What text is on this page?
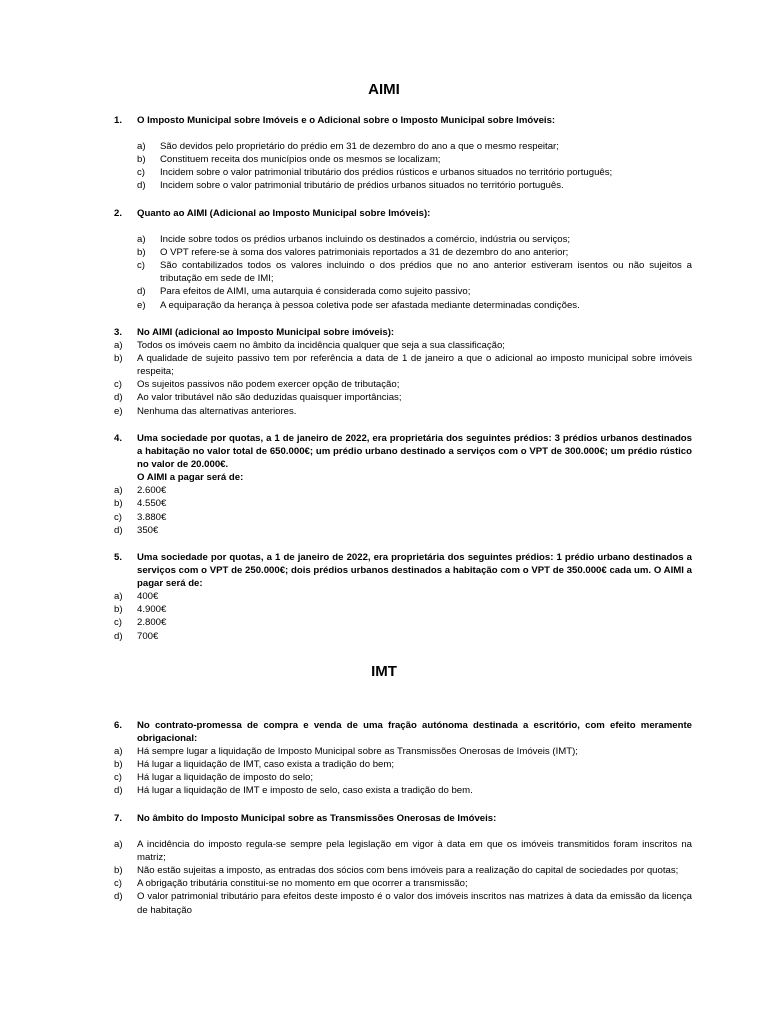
AIMI
1.	O Imposto Municipal sobre Imóveis e o Adicional sobre o Imposto Municipal sobre Imóveis:
a)	São devidos pelo proprietário do prédio em 31 de dezembro do ano a que o mesmo respeitar;
b)	Constituem receita dos municípios onde os mesmos se localizam;
c)	Incidem sobre o valor patrimonial tributário dos prédios rústicos e urbanos situados no território português;
d)	Incidem sobre o valor patrimonial tributário de prédios urbanos situados no território português.
2.	Quanto ao AIMI (Adicional ao Imposto Municipal sobre Imóveis):
a)	Incide sobre todos os prédios urbanos incluindo os destinados a comércio, indústria ou serviços;
b)	O VPT refere-se à soma dos valores patrimoniais reportados a 31 de dezembro do ano anterior;
c)	São contabilizados todos os valores incluindo o dos prédios que no ano anterior estiveram isentos ou não sujeitos a tributação em sede de IMI;
d)	Para efeitos de AIMI, uma autarquia é considerada como sujeito passivo;
e)	A equiparação da herança à pessoa coletiva pode ser afastada mediante determinadas condições.
3.	No AIMI (adicional ao Imposto Municipal sobre imóveis):
a)	Todos os imóveis caem no âmbito da incidência qualquer que seja a sua classificação;
b)	A qualidade de sujeito passivo tem por referência a data de 1 de janeiro a que o adicional ao imposto municipal sobre imóveis respeita;
c)	Os sujeitos passivos não podem exercer opção de tributação;
d)	Ao valor tributável não são deduzidas quaisquer importâncias;
e)	Nenhuma das alternativas anteriores.
4.	Uma sociedade por quotas, a 1 de janeiro de 2022, era proprietária dos seguintes prédios: 3 prédios urbanos destinados a habitação no valor total de 650.000€; um prédio urbano destinado a serviços com o VPT de 300.000€; um prédio rústico no valor de 20.000€.
O AIMI a pagar será de:
a)	2.600€
b)	4.550€
c)	3.880€
d)	350€
5.	Uma sociedade por quotas, a 1 de janeiro de 2022, era proprietária dos seguintes prédios: 1 prédio urbano destinados a serviços com o VPT de 250.000€; dois prédios urbanos destinados a habitação com o VPT de 350.000€ cada um. O AIMI a pagar será de:
a)	400€
b)	4.900€
c)	2.800€
d)	700€
IMT
6.	No contrato-promessa de compra e venda de uma fração autónoma destinada a escritório, com efeito meramente obrigacional:
a)	Há sempre lugar a liquidação de Imposto Municipal sobre as Transmissões Onerosas de Imóveis (IMT);
b)	Há lugar a liquidação de IMT, caso exista a tradição do bem;
c)	Há lugar a liquidação de imposto do selo;
d)	Há lugar a liquidação de IMT e imposto de selo, caso exista a tradição do bem.
7.	No âmbito do Imposto Municipal sobre as Transmissões Onerosas de Imóveis:
a)	A incidência do imposto regula-se sempre pela legislação em vigor à data em que os imóveis transmitidos foram inscritos na matriz;
b)	Não estão sujeitas a imposto, as entradas dos sócios com bens imóveis para a realização do capital de sociedades por quotas;
c)	A obrigação tributária constitui-se no momento em que ocorrer a transmissão;
d)	O valor patrimonial tributário para efeitos deste imposto é o valor dos imóveis inscritos nas matrizes à data da emissão da licença de habitação
